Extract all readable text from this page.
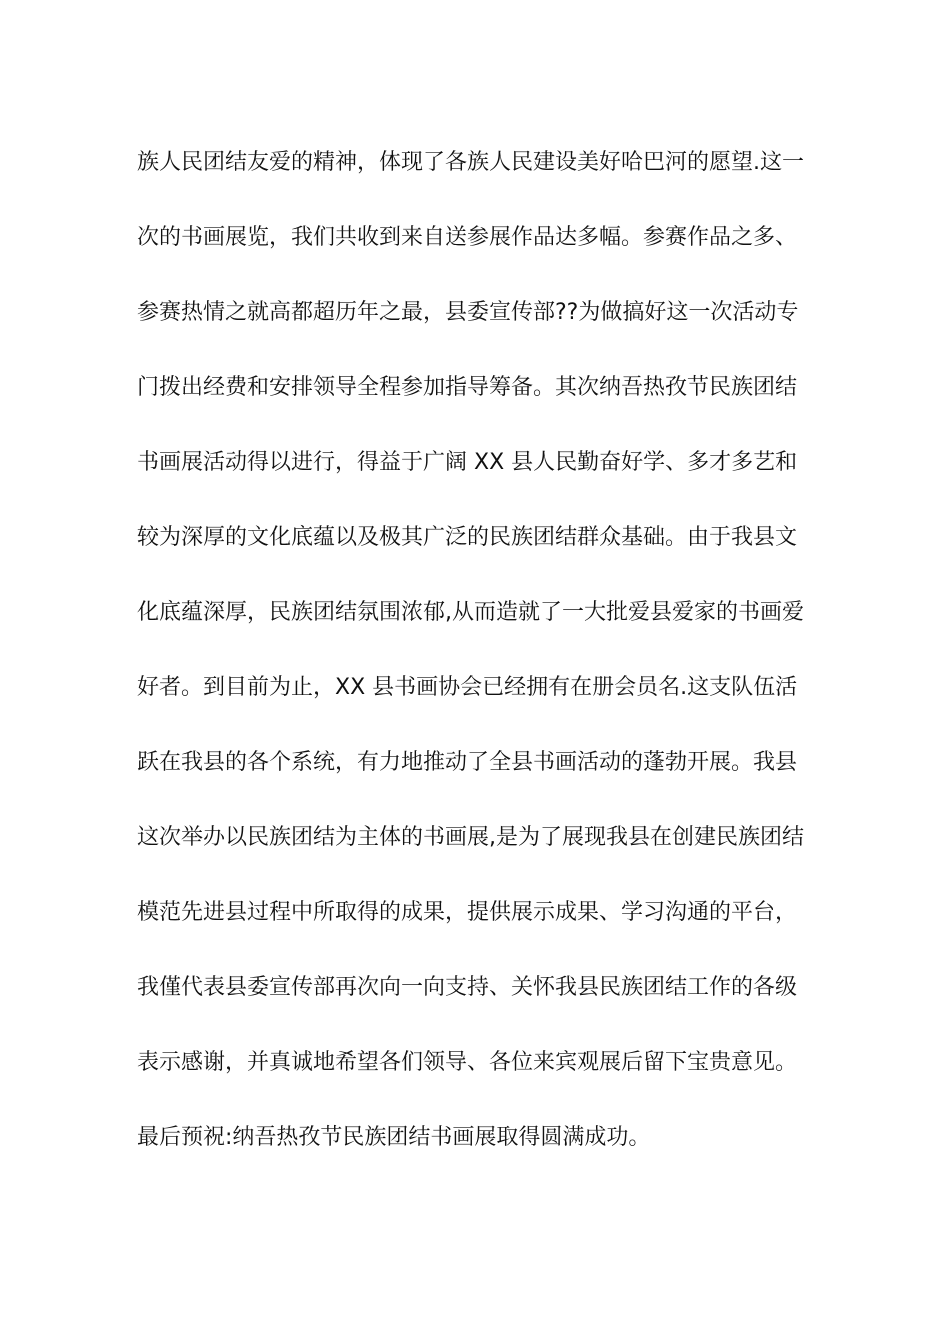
族人民团结友爱的精神，体现了各族人民建设美好哈巴河的愿望.这一
次的书画展览，我们共收到来自送参展作品达多幅。参赛作品之多、
参赛热情之就高都超历年之最，县委宣传部??为做搞好这一次活动专
门拨出经费和安排领导全程参加指导筹备。其次纳吾热孜节民族团结
书画展活动得以进行，得益于广阔 XX 县人民勤奋好学、多才多艺和
较为深厚的文化底蕴以及极其广泛的民族团结群众基础。由于我县文
化底蕴深厚，民族团结氛围浓郁,从而造就了一大批爱县爱家的书画爱
好者。到目前为止，XX 县书画协会已经拥有在册会员名.这支队伍活
跃在我县的各个系统，有力地推动了全县书画活动的蓬勃开展。我县
这次举办以民族团结为主体的书画展,是为了展现我县在创建民族团结
模范先进县过程中所取得的成果，提供展示成果、学习沟通的平台，
我僅代表县委宣传部再次向一向支持、关怀我县民族团结工作的各级
表示感谢，并真诚地希望各们领导、各位来宾观展后留下宝贵意见。
最后预祝:纳吾热孜节民族团结书画展取得圆满成功。
